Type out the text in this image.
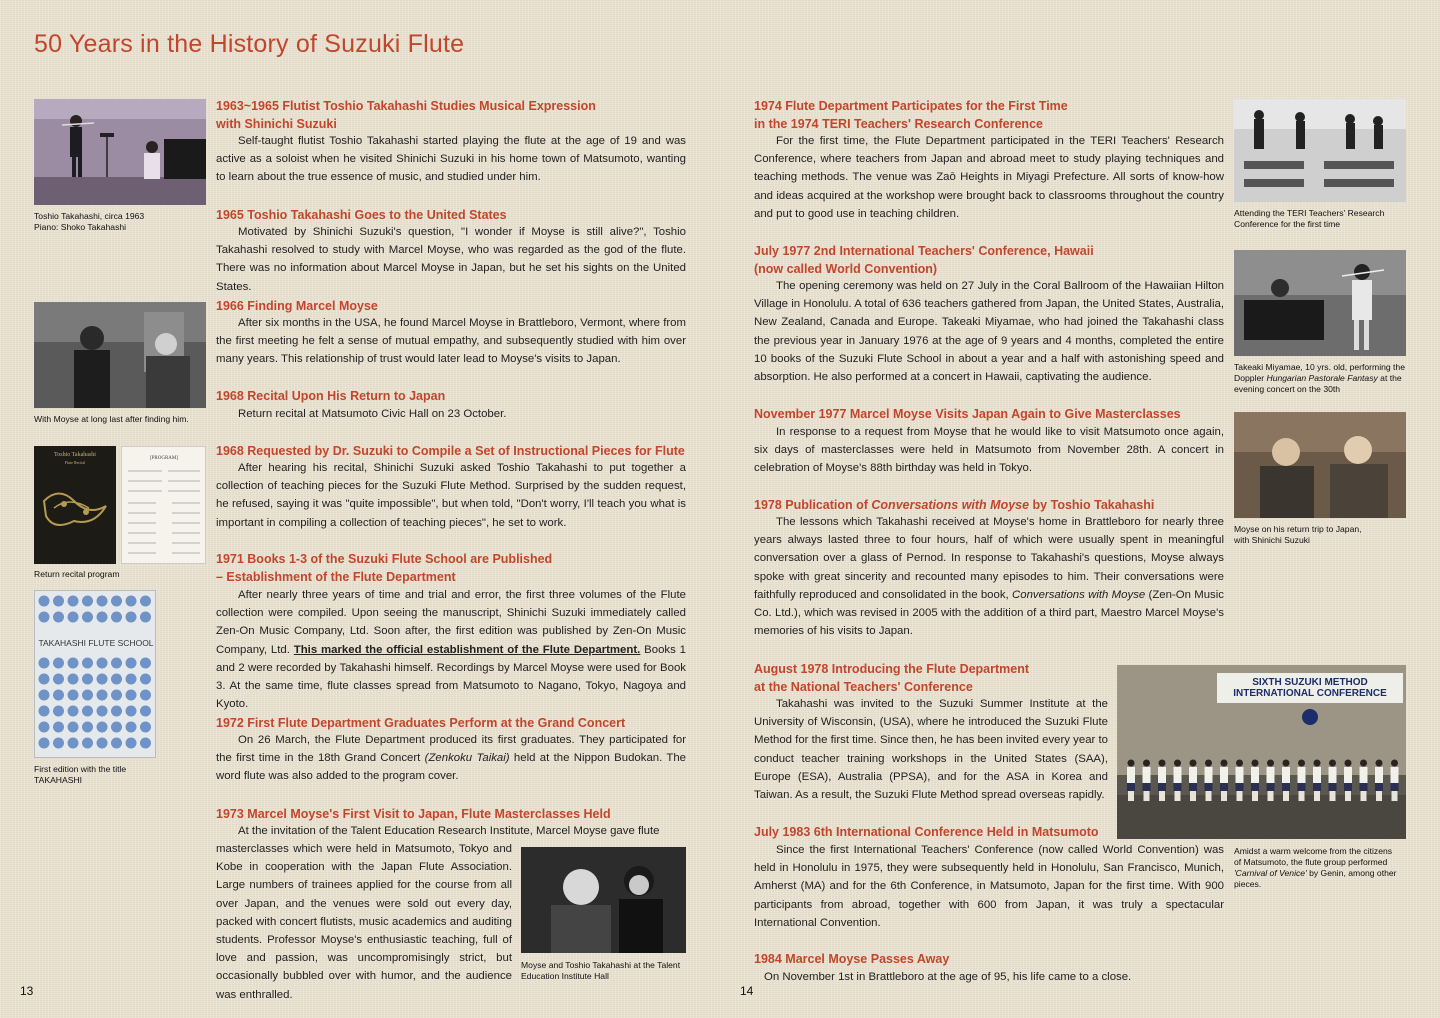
50 Years in the History of Suzuki Flute
Toshio Takahashi, circa 1963
Piano: Shoko Takahashi
With Moyse at long last after finding him.
Toshio Takahashi
Flute Recital
[PROGRAM]
Return recital program
TAKAHASHI FLUTE SCHOOL
First edition with the title
TAKAHASHI
Moyse and Toshio Takahashi at the Talent
Education Institute Hall
1963~1965 Flutist Toshio Takahashi Studies Musical Expression
with Shinichi Suzuki

Self-taught flutist Toshio Takahashi started playing the flute at the age of 19 and was active as a soloist when he visited Shinichi Suzuki in his home town of Matsumoto, wanting to learn about the true essence of music, and studied under him.

1965 Toshio Takahashi Goes to the United States

Motivated by Shinichi Suzuki's question, "I wonder if Moyse is still alive?", Toshio Takahashi resolved to study with Marcel Moyse, who was regarded as the god of the flute. There was no information about Marcel Moyse in Japan, but he set his sights on the United States.

1966 Finding Marcel Moyse

After six months in the USA, he found Marcel Moyse in Brattleboro, Vermont, where from the first meeting he felt a sense of mutual empathy, and subsequently studied with him over many years. This relationship of trust would later lead to Moyse's visits to Japan.

1968 Recital Upon His Return to Japan

Return recital at Matsumoto Civic Hall on 23 October.

1968 Requested by Dr. Suzuki to Compile a Set of Instructional Pieces for Flute

After hearing his recital, Shinichi Suzuki asked Toshio Takahashi to put together a collection of teaching pieces for the Suzuki Flute Method. Surprised by the sudden request, he refused, saying it was "quite impossible", but when told, "Don't worry, I'll teach you what is important in compiling a collection of teaching pieces", he set to work.

1971 Books 1-3 of the Suzuki Flute School are Published
– Establishment of the Flute Department

After nearly three years of time and trial and error, the first three volumes of the Flute collection were compiled. Upon seeing the manuscript, Shinichi Suzuki immediately called Zen-On Music Company, Ltd. Soon after, the first edition was published by Zen-On Music Company, Ltd. This marked the official establishment of the Flute Department. Books 1 and 2 were recorded by Takahashi himself. Recordings by Marcel Moyse were used for Book 3. At the same time, flute classes spread from Matsumoto to Nagano, Tokyo, Nagoya and Kyoto.

1972 First Flute Department Graduates Perform at the Grand Concert

On 26 March, the Flute Department produced its first graduates. They participated for the first time in the 18th Grand Concert (Zenkoku Taikai) held at the Nippon Budokan. The word flute was also added to the program cover.

1973 Marcel Moyse's First Visit to Japan, Flute Masterclasses Held

At the invitation of the Talent Education Research Institute, Marcel Moyse gave flute

masterclasses which were held in Matsumoto, Tokyo and Kobe in cooperation with the Japan Flute Association. Large numbers of trainees applied for the course from all over Japan, and the venues were sold out every day, packed with concert flutists, music academics and auditing students. Professor Moyse's enthusiastic teaching, full of love and passion, was uncompromisingly strict, but occasionally bubbled over with humor, and the audience was enthralled.

13
Attending the TERI Teachers' Research
Conference for the first time
Takeaki Miyamae, 10 yrs. old, performing the
Doppler Hungarian Pastorale Fantasy at the
evening concert on the 30th
Moyse on his return trip to Japan,
with Shinichi Suzuki
SIXTH SUZUKI METHOD
INTERNATIONAL CONFERENCE
Amidst a warm welcome from the citizens
of Matsumoto, the flute group performed
'Carnival of Venice' by Genin, among other
pieces.
1974 Flute Department Participates for the First Time
in the 1974 TERI Teachers' Research Conference

For the first time, the Flute Department participated in the TERI Teachers' Research Conference, where teachers from Japan and abroad meet to study playing techniques and teaching methods. The venue was Zaō Heights in Miyagi Prefecture. All sorts of know-how and ideas acquired at the workshop were brought back to classrooms throughout the country and put to good use in teaching children.

July 1977 2nd International Teachers' Conference, Hawaii
(now called World Convention)

The opening ceremony was held on 27 July in the Coral Ballroom of the Hawaiian Hilton Village in Honolulu. A total of 636 teachers gathered from Japan, the United States, Australia, New Zealand, Canada and Europe. Takeaki Miyamae, who had joined the Takahashi class the previous year in January 1976 at the age of 9 years and 4 months, completed the entire 10 books of the Suzuki Flute School in about a year and a half with astonishing speed and absorption. He also performed at a concert in Hawaii, captivating the audience.

November 1977 Marcel Moyse Visits Japan Again to Give Masterclasses

In response to a request from Moyse that he would like to visit Matsumoto once again, six days of masterclasses were held in Matsumoto from November 28th. A concert in celebration of Moyse's 88th birthday was held in Tokyo.

1978 Publication of Conversations with Moyse by Toshio Takahashi

The lessons which Takahashi received at Moyse's home in Brattleboro for nearly three years always lasted three to four hours, half of which were usually spent in meaningful conversation over a glass of Pernod. In response to Takahashi's questions, Moyse always spoke with great sincerity and recounted many episodes to him. Their conversations were faithfully reproduced and consolidated in the book, Conversations with Moyse (Zen-On Music Co. Ltd.), which was revised in 2005 with the addition of a third part, Maestro Marcel Moyse's memories of his visits to Japan.

August 1978 Introducing the Flute Department
at the National Teachers' Conference

Takahashi was invited to the Suzuki Summer Institute at the University of Wisconsin, (USA), where he introduced the Suzuki Flute Method for the first time. Since then, he has been invited every year to conduct teacher training workshops in the United States (SAA), Europe (ESA), Australia (PPSA), and for the ASA in Korea and Taiwan. As a result, the Suzuki Flute Method spread overseas rapidly.

July 1983 6th International Conference Held in Matsumoto

Since the first International Teachers' Conference (now called World Convention) was held in Honolulu in 1975, they were subsequently held in Honolulu, San Francisco, Munich, Amherst (MA) and for the 6th Conference, in Matsumoto, Japan for the first time. With 900 participants from abroad, together with 600 from Japan, it was truly a spectacular International Convention.

1984 Marcel Moyse Passes Away

On November 1st in Brattleboro at the age of 95, his life came to a close.

14
